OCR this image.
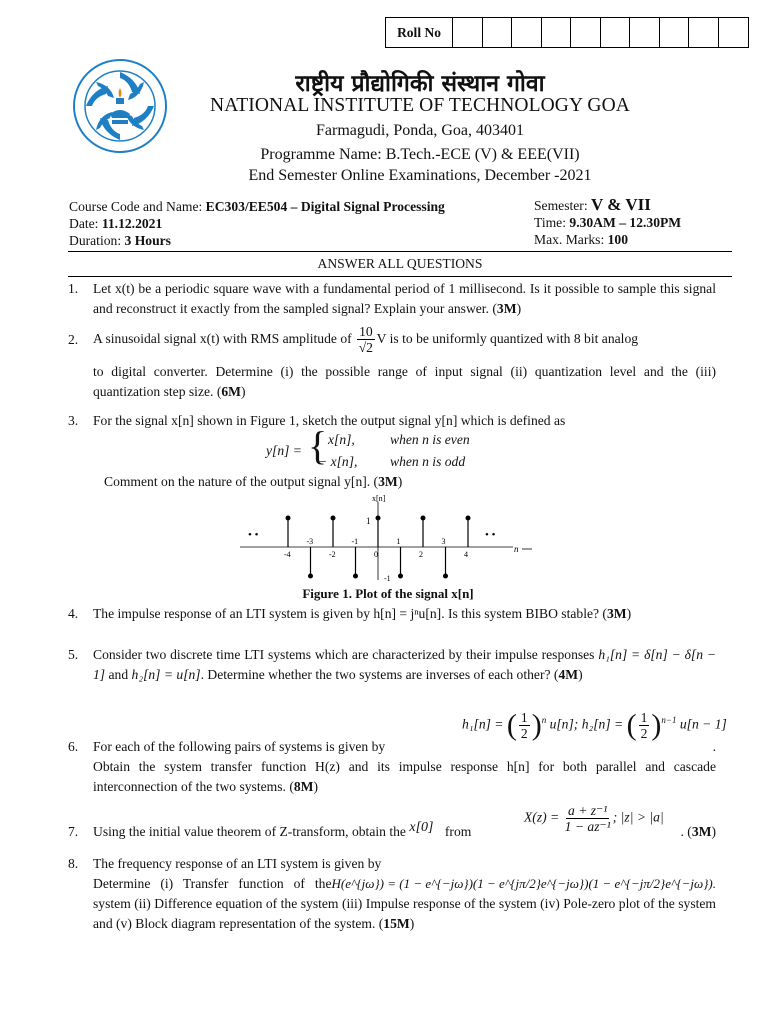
Roll No
राष्ट्रीय प्रौद्योगिकी संस्थान गोवा
NATIONAL INSTITUTE OF TECHNOLOGY GOA
Farmagudi, Ponda, Goa, 403401
Programme Name: B.Tech.-ECE (V) & EEE(VII)
End Semester Online Examinations, December -2021
Course Code and Name: EC303/EE504 – Digital Signal Processing
Date: 11.12.2021
Duration: 3 Hours
Semester: V & VII
Time: 9.30AM – 12.30PM
Max. Marks: 100
ANSWER ALL QUESTIONS
1.	Let x(t) be a periodic square wave with a fundamental period of 1 millisecond. Is it possible to sample this signal and reconstruct it exactly from the sampled signal? Explain your answer. (3M)
2.	A sinusoidal signal x(t) with RMS amplitude of $\frac{10}{√2}$ V is to be uniformly quantized with 8 bit analog
to digital converter. Determine (i) the possible range of input signal (ii) quantization level and the (iii) quantization step size. (6M)
3.	For the signal x[n] shown in Figure 1, sketch the output signal y[n] which is defined as
y[n] = { x[n],	when n is even
− x[n], when n is odd
Comment on the nature of the output signal y[n]. (3M)
x[n]
n
1
-1
• •	• •
-4
-3
-2
-1
0
1
2
3
4
Figure 1. Plot of the signal x[n]
4.	The impulse response of an LTI system is given by h[n] = jⁿu[n]. Is this system BIBO stable? (3M)
5.	Consider two discrete time LTI systems which are characterized by their impulse responses h₁[n] = δ[n] − δ[n − 1] and h₂[n] = u[n]. Determine whether the two systems are inverses of each other? (4M)
h₁[n] = ( $\frac{1}{2} )^n$ u[n]; h₂[n] = ( $\frac{1}{2} )^{n-1}$ u[n − 1]
6.	For each of the following pairs of systems is given by	.
Obtain the system transfer function H(z) and its impulse response h[n] for both parallel and cascade interconnection of the two systems. (8M)
$X(z) = \frac{\text{a + z⁻¹}}{\text{1 − az⁻¹}}$ ; |z| > |a|
7.	Using the initial value theorem of Z-transform, obtain the x[0] from	. (3M)
8.	The frequency response of an LTI system is given by
H(e^{jω}) = (1 − e^{−jω})(1 − e^{jπ/2}e^{−jω})(1 − e^{−jπ/2}e^{−jω}).
Determine (i) Transfer function of the system (ii) Difference equation of the system (iii) Impulse response of the system (iv) Pole-zero plot of the system and (v) Block diagram representation of the system. (15M)
